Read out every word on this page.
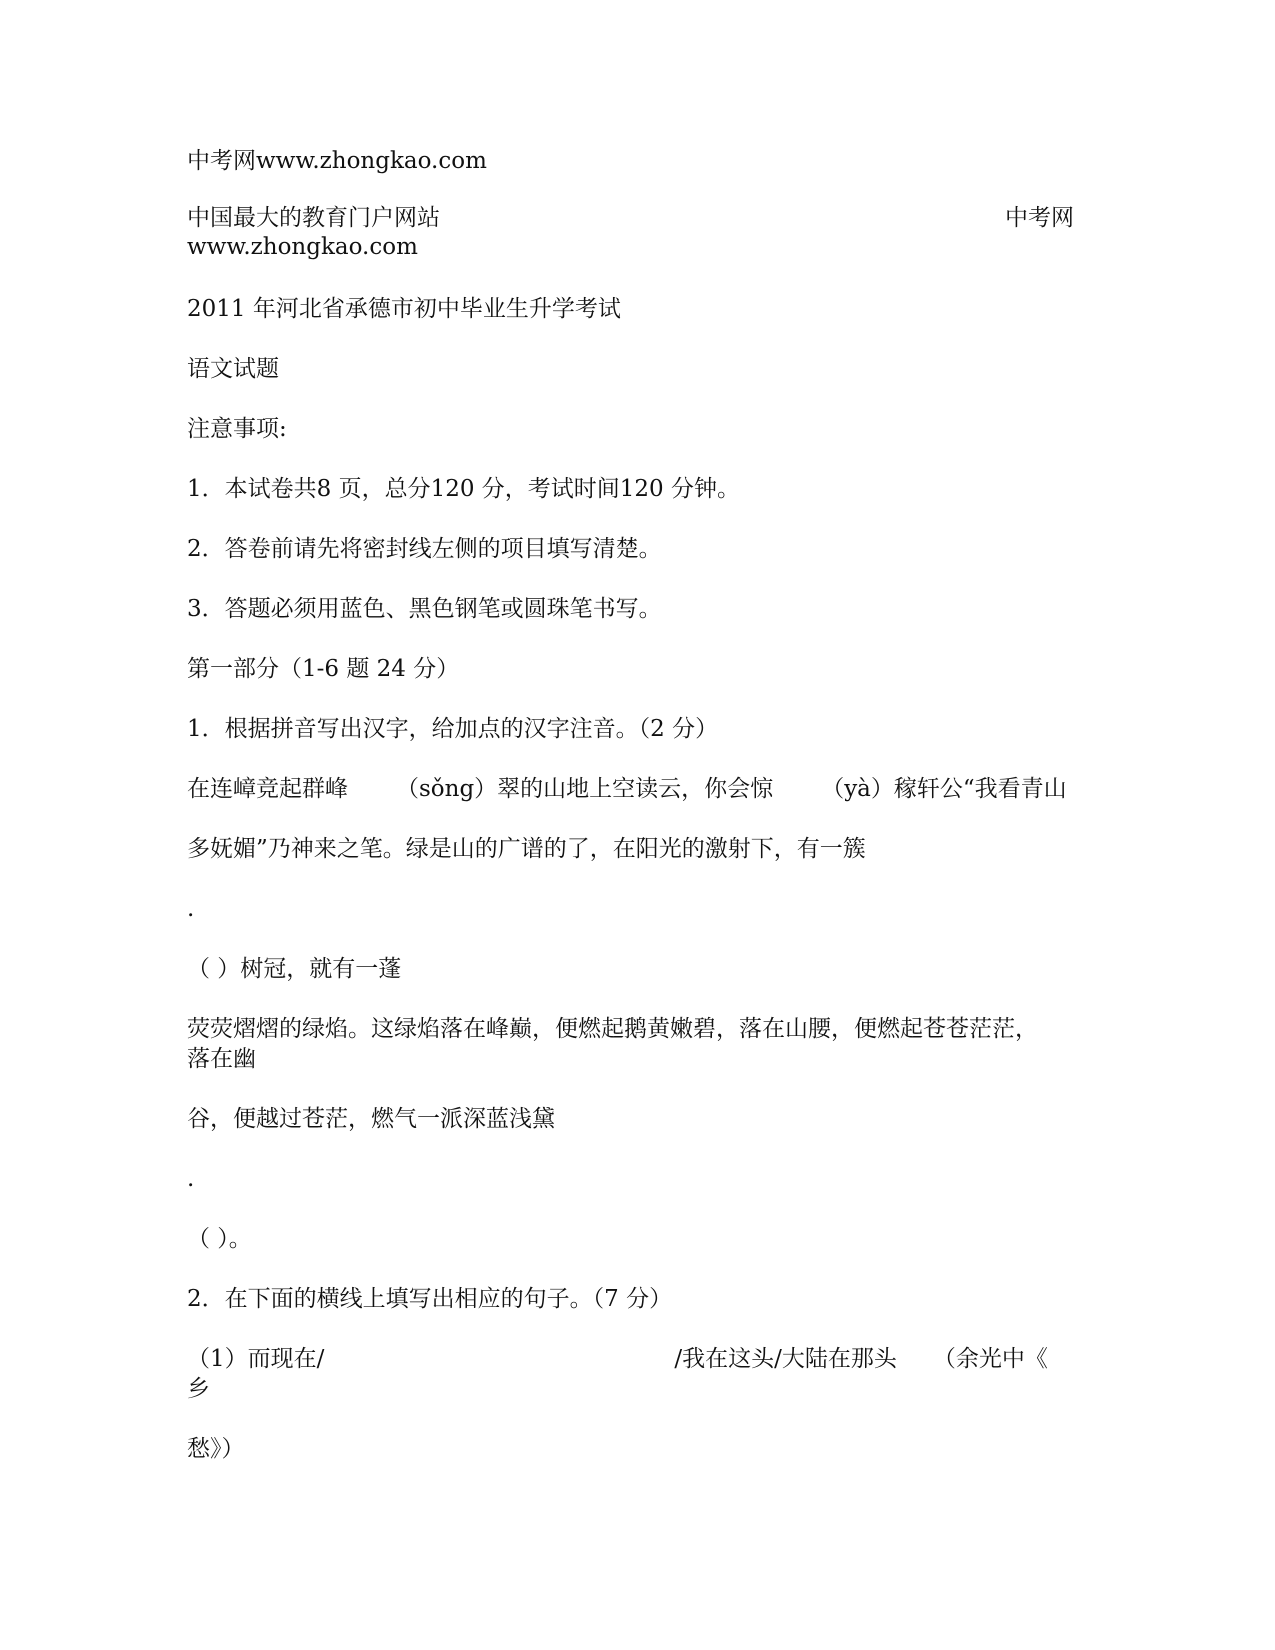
中考网www.zhongkao.com
中国最大的教育门户网站	中考网
www.zhongkao.com
2011 年河北省承德市初中毕业生升学考试
语文试题
注意事项:
1．本试卷共8 页，总分120 分，考试时间120 分钟。
2．答卷前请先将密封线左侧的项目填写清楚。
3．答题必须用蓝色、黑色钢笔或圆珠笔书写。
第一部分（1-6 题 24 分）
1．根据拼音写出汉字，给加点的汉字注音。（2 分）
在连嶂竞起群峰 （sǒng）翠的山地上空读云，你会惊 （yà）稼轩公“我看青山
多妩媚”乃神来之笔。绿是山的广谱的了，在阳光的激射下，有一簇
.
（ ）树冠，就有一蓬
荧荧熠熠的绿焰。这绿焰落在峰巅，便燃起鹅黄嫩碧，落在山腰，便燃起苍苍茫茫，
落在幽
谷，便越过苍茫，燃气一派深蓝浅黛
.
（ ）。
2．在下面的横线上填写出相应的句子。（7 分）
（1）而现在/	/我在这头/大陆在那头 （余光中《
乡
愁》）
